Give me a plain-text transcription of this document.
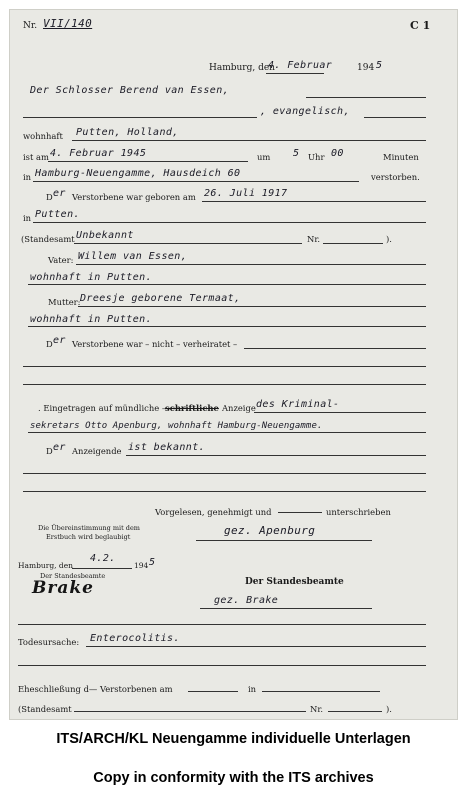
Nr. VII/140	C 1
Hamburg, den
4. Februar	194 5
Der Schlosser Berend van Essen,
, evangelisch,
wohnhaft Putten, Holland,
ist am 4. Februar 1945	um 5 Uhr 00	Minuten
in Hamburg-Neuengamme, Hausdeich 60	verstorben.
D er Verstorbene war geboren am 26. Juli 1917
in Putten.
(Standesamt Unbekannt	Nr.	).
Vater: Willem van Essen,
wohnhaft in Putten.
Mutter: Dreesje geborene Termaat,
wohnhaft in Putten.
D er Verstorbene war – nicht – verheiratet –
. Eingetragen auf mündliche –
schriftliche Anzeige des Kriminal-
sekretars Otto Apenburg, wohnhaft Hamburg-Neuengamme.
D er Anzeigende ist bekannt.
Vorgelesen, genehmigt und	unterschrieben
Die Übereinstimmung mit dem
Erstbuch wird beglaubigt	gez. Apenburg
Hamburg, den
4.2.
194 5
Der Standesbeamte
Brake	Der Standesbeamte
gez. Brake
Todesursache: Enterocolitis.
Eheschließung d— Verstorbenen am	in
(Standesamt	Nr.	).
ITS/ARCH/KL Neuengamme individuelle Unterlagen
Copy in conformity with the ITS archives
